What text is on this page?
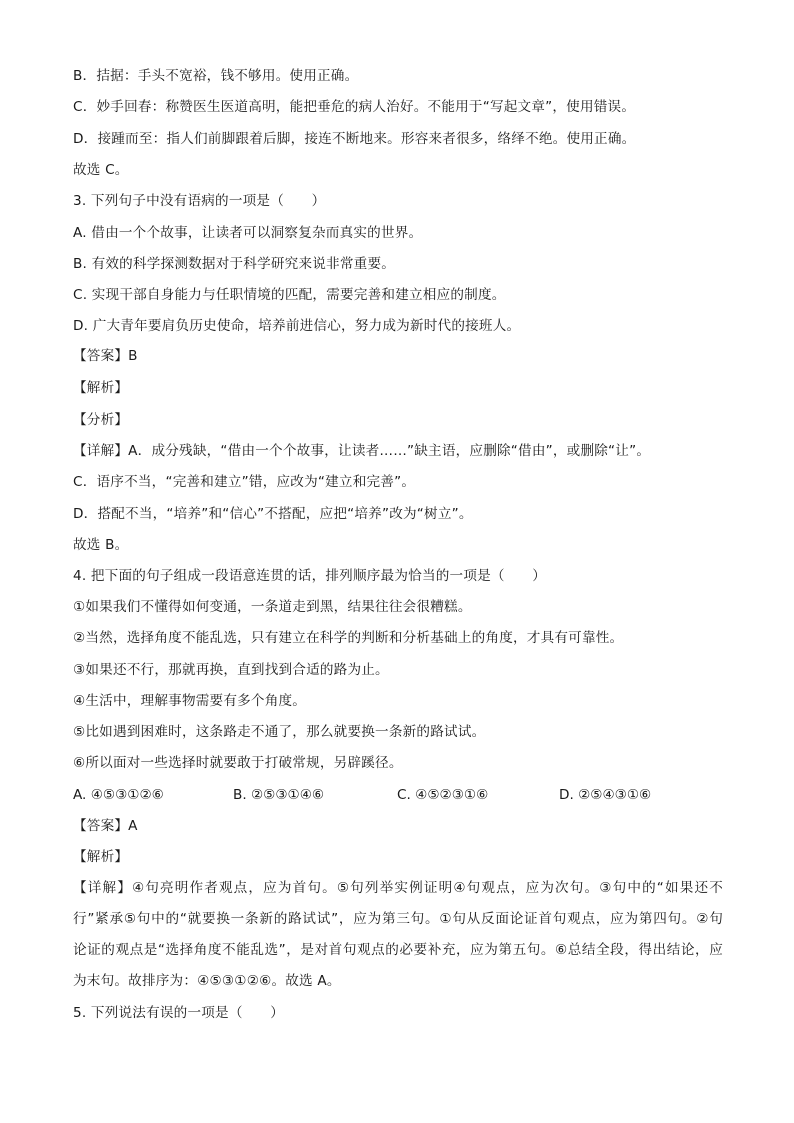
B．拮据：手头不宽裕，钱不够用。使用正确。

C．妙手回春：称赞医生医道高明，能把垂危的病人治好。不能用于“写起文章”，使用错误。

D．接踵而至：指人们前脚跟着后脚，接连不断地来。形容来者很多，络绎不绝。使用正确。

故选 C。

3. 下列句子中没有语病的一项是（　　）

A. 借由一个个故事，让读者可以洞察复杂而真实的世界。

B. 有效的科学探测数据对于科学研究来说非常重要。

C. 实现干部自身能力与任职情境的匹配，需要完善和建立相应的制度。

D. 广大青年要肩负历史使命，培养前进信心，努力成为新时代的接班人。

【答案】B

【解析】

【分析】

【详解】A．成分残缺，“借由一个个故事，让读者……”缺主语，应删除“借由”，或删除“让”。

C．语序不当，“完善和建立”错，应改为“建立和完善”。

D．搭配不当，“培养”和“信心”不搭配，应把“培养”改为“树立”。

故选 B。

4. 把下面的句子组成一段语意连贯的话，排列顺序最为恰当的一项是（　　）

①如果我们不懂得如何变通，一条道走到黑，结果往往会很糟糕。

②当然，选择角度不能乱选，只有建立在科学的判断和分析基础上的角度，才具有可靠性。

③如果还不行，那就再换，直到找到合适的路为止。

④生活中，理解事物需要有多个角度。

⑤比如遇到困难时，这条路走不通了，那么就要换一条新的路试试。

⑥所以面对一些选择时就要敢于打破常规，另辟蹊径。

A. ④⑤③①②⑥	B. ②⑤③①④⑥	C. ④⑤②③①⑥	D. ②⑤④③①⑥

【答案】A

【解析】

【详解】④句亮明作者观点，应为首句。⑤句列举实例证明④句观点，应为次句。③句中的“如果还不
行”紧承⑤句中的“就要换一条新的路试试”，应为第三句。①句从反面论证首句观点，应为第四句。②句
论证的观点是“选择角度不能乱选”，是对首句观点的必要补充，应为第五句。⑥总结全段，得出结论，应
为末句。故排序为：④⑤③①②⑥。故选 A。

5. 下列说法有误的一项是（　　）
